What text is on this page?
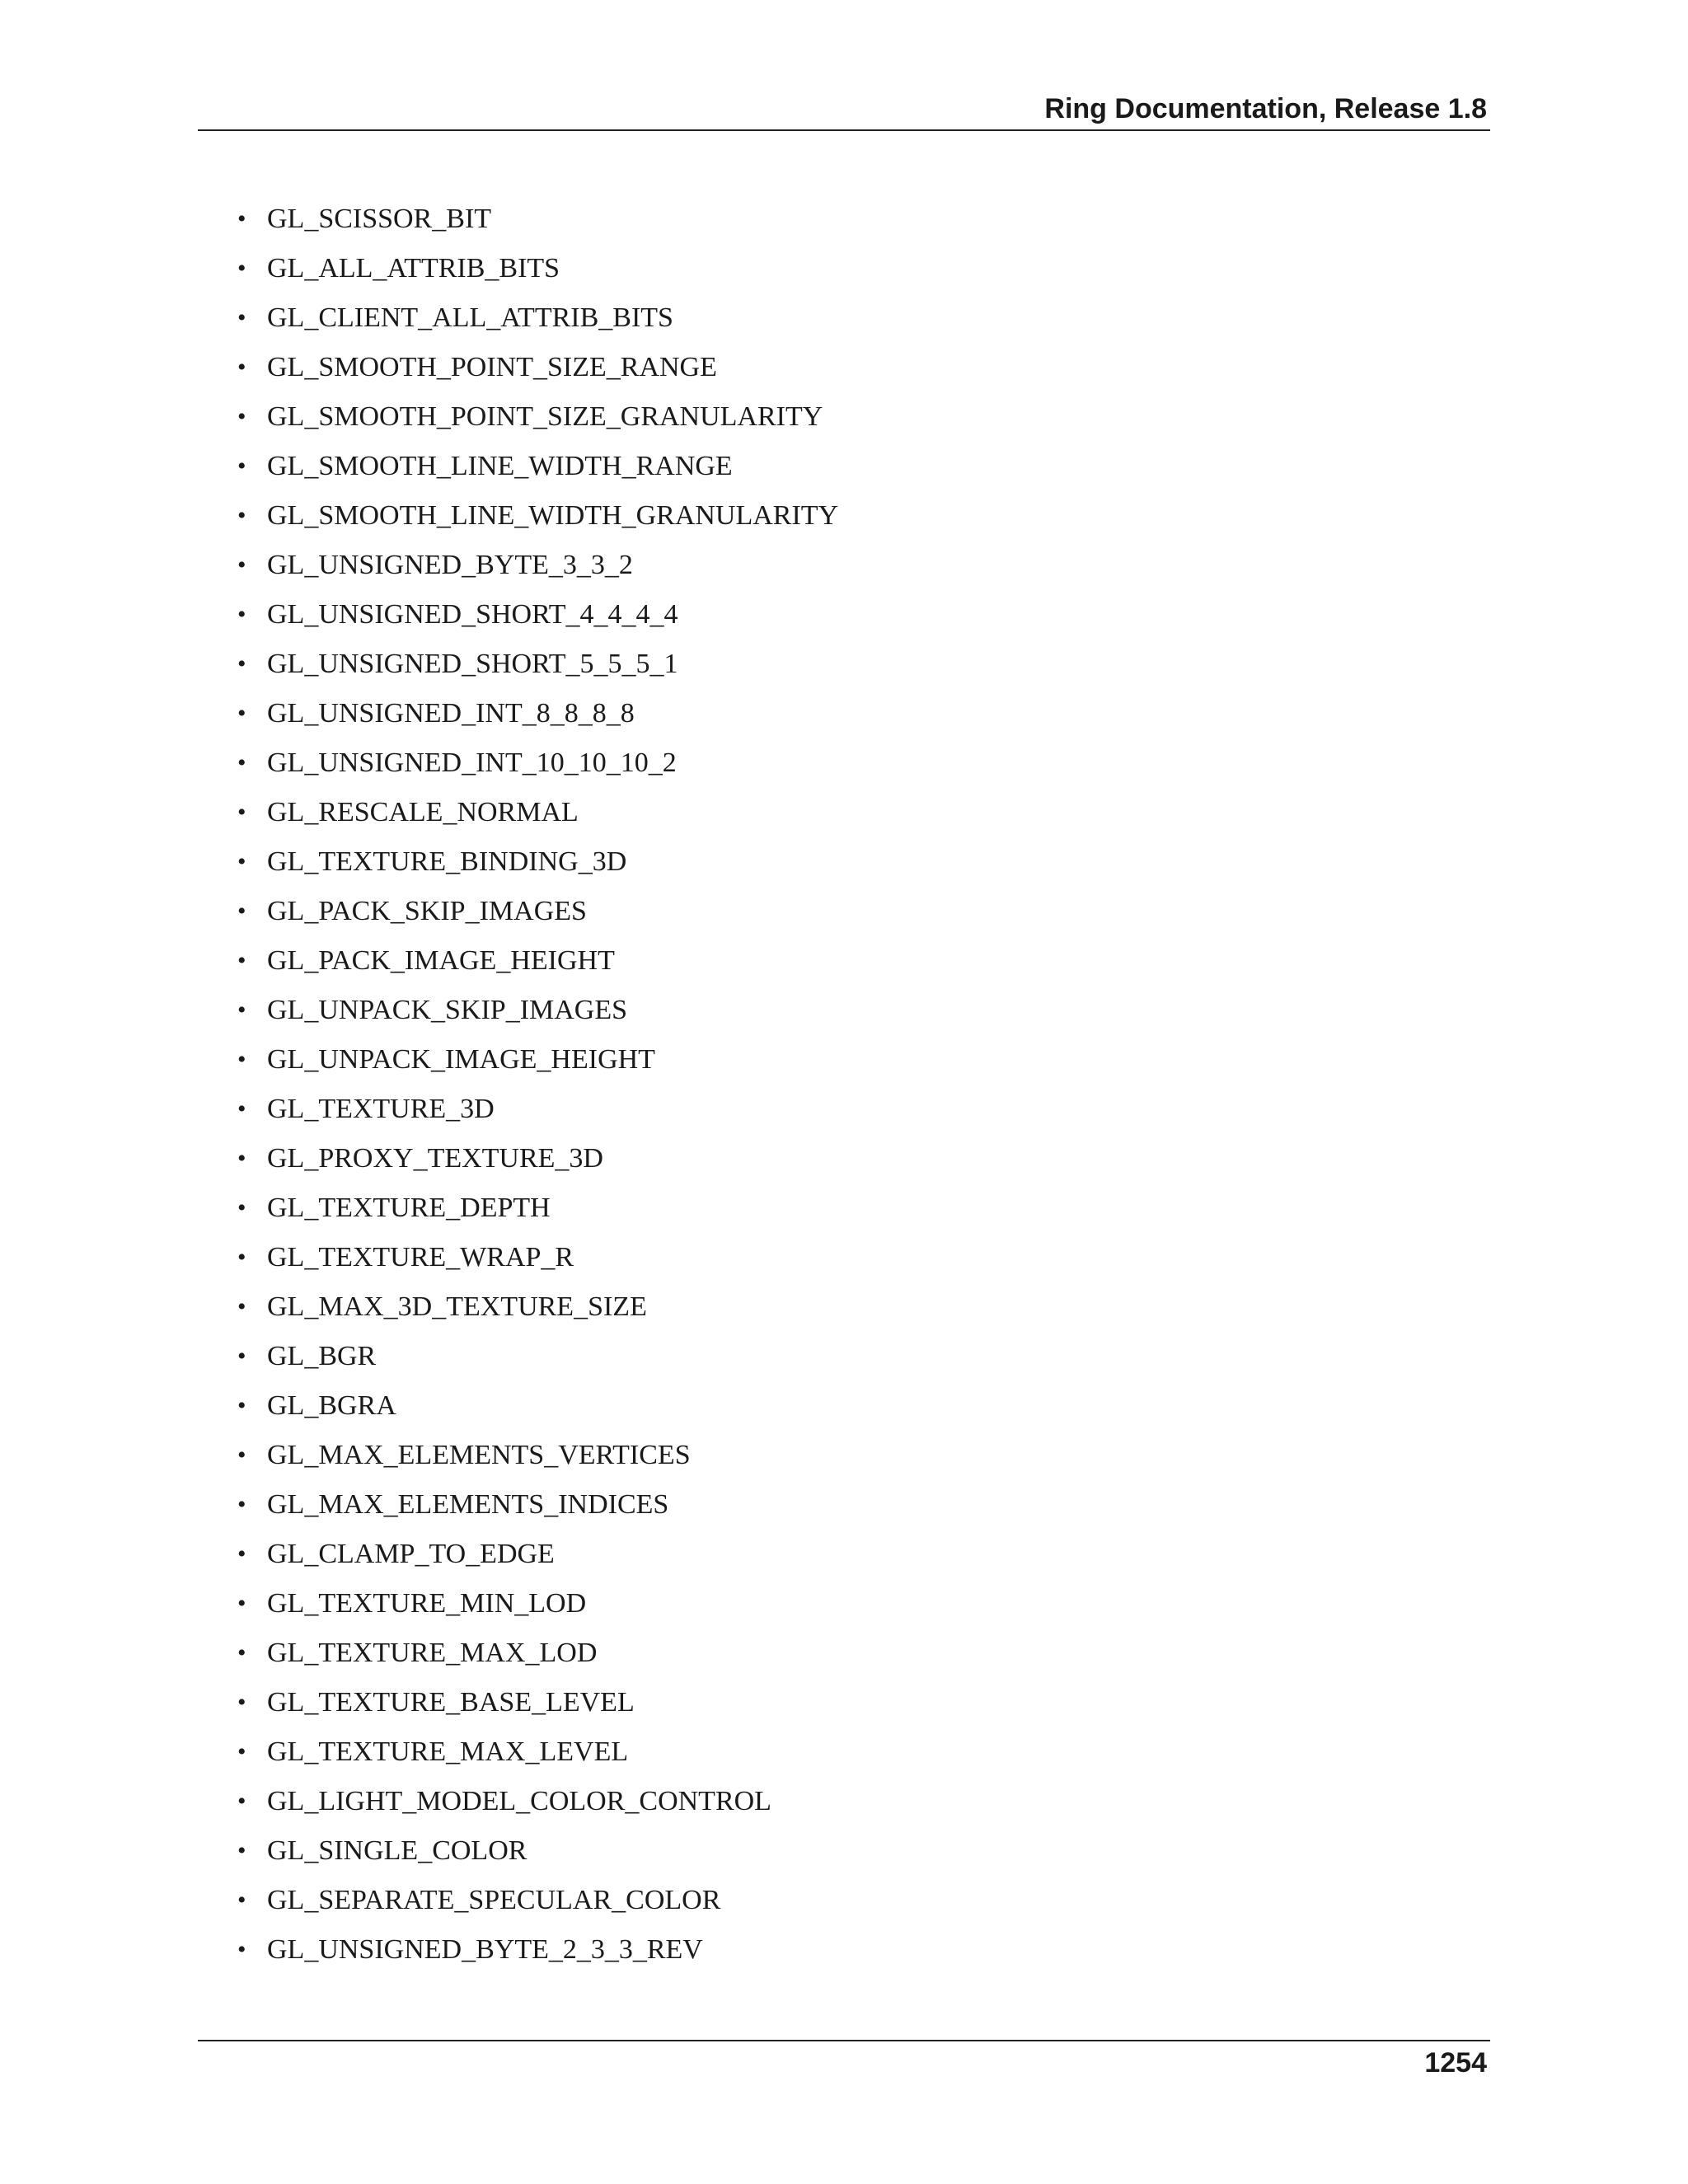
Ring Documentation, Release 1.8
• GL_SCISSOR_BIT
• GL_ALL_ATTRIB_BITS
• GL_CLIENT_ALL_ATTRIB_BITS
• GL_SMOOTH_POINT_SIZE_RANGE
• GL_SMOOTH_POINT_SIZE_GRANULARITY
• GL_SMOOTH_LINE_WIDTH_RANGE
• GL_SMOOTH_LINE_WIDTH_GRANULARITY
• GL_UNSIGNED_BYTE_3_3_2
• GL_UNSIGNED_SHORT_4_4_4_4
• GL_UNSIGNED_SHORT_5_5_5_1
• GL_UNSIGNED_INT_8_8_8_8
• GL_UNSIGNED_INT_10_10_10_2
• GL_RESCALE_NORMAL
• GL_TEXTURE_BINDING_3D
• GL_PACK_SKIP_IMAGES
• GL_PACK_IMAGE_HEIGHT
• GL_UNPACK_SKIP_IMAGES
• GL_UNPACK_IMAGE_HEIGHT
• GL_TEXTURE_3D
• GL_PROXY_TEXTURE_3D
• GL_TEXTURE_DEPTH
• GL_TEXTURE_WRAP_R
• GL_MAX_3D_TEXTURE_SIZE
• GL_BGR
• GL_BGRA
• GL_MAX_ELEMENTS_VERTICES
• GL_MAX_ELEMENTS_INDICES
• GL_CLAMP_TO_EDGE
• GL_TEXTURE_MIN_LOD
• GL_TEXTURE_MAX_LOD
• GL_TEXTURE_BASE_LEVEL
• GL_TEXTURE_MAX_LEVEL
• GL_LIGHT_MODEL_COLOR_CONTROL
• GL_SINGLE_COLOR
• GL_SEPARATE_SPECULAR_COLOR
• GL_UNSIGNED_BYTE_2_3_3_REV
1254
